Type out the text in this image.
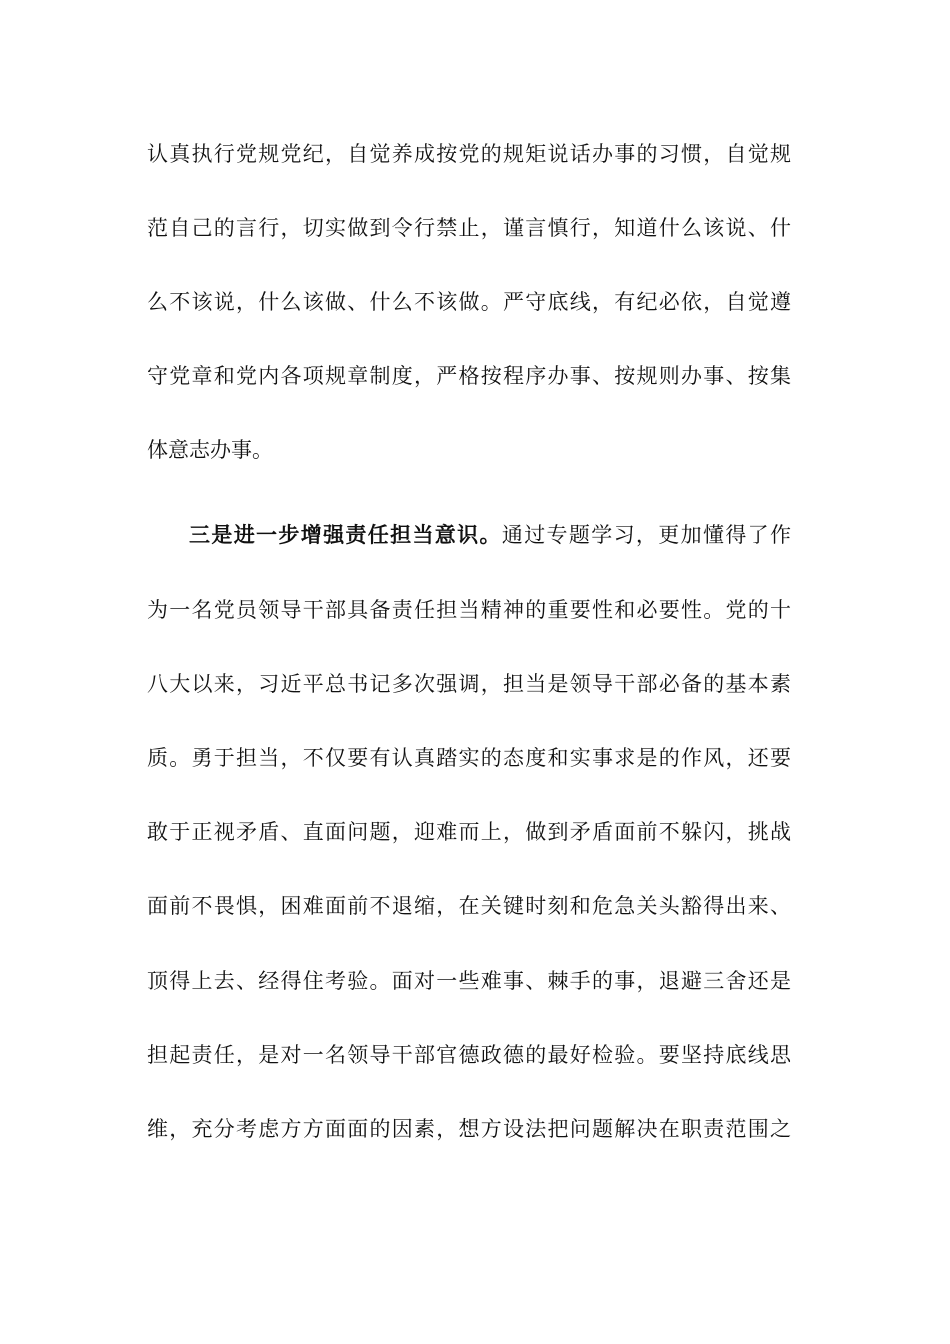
认真执行党规党纪，自觉养成按党的规矩说话办事的习惯，自觉规

范自己的言行，切实做到令行禁止，谨言慎行，知道什么该说、什

么不该说，什么该做、什么不该做。严守底线，有纪必依，自觉遵

守党章和党内各项规章制度，严格按程序办事、按规则办事、按集

体意志办事。

三是进一步增强责任担当意识。通过专题学习，更加懂得了作

为一名党员领导干部具备责任担当精神的重要性和必要性。党的十

八大以来，习近平总书记多次强调，担当是领导干部必备的基本素

质。勇于担当，不仅要有认真踏实的态度和实事求是的作风，还要

敢于正视矛盾、直面问题，迎难而上，做到矛盾面前不躲闪，挑战

面前不畏惧，困难面前不退缩，在关键时刻和危急关头豁得出来、

顶得上去、经得住考验。面对一些难事、棘手的事，退避三舍还是

担起责任，是对一名领导干部官德政德的最好检验。要坚持底线思

维，充分考虑方方面面的因素，想方设法把问题解决在职责范围之
